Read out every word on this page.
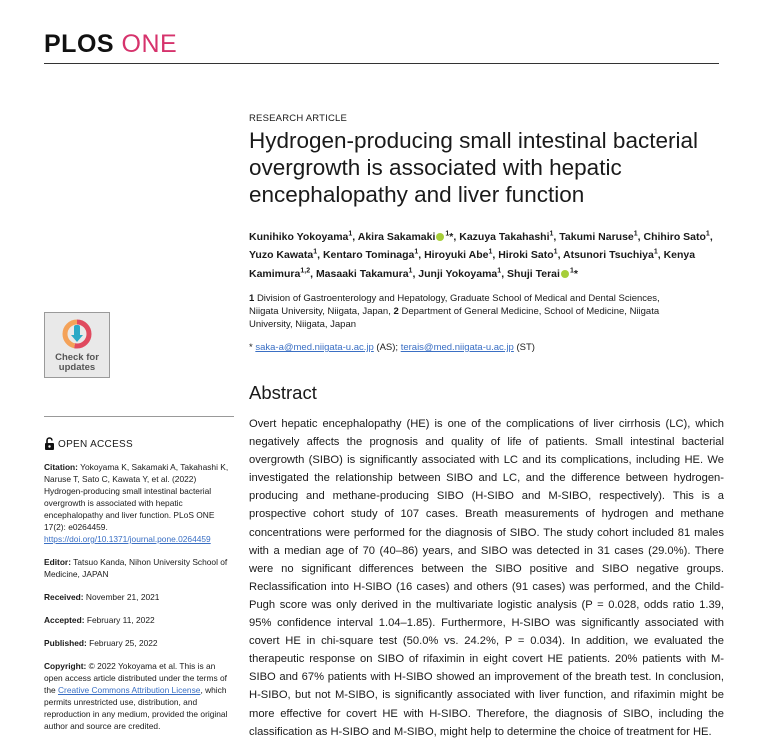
PLOS ONE
Check for
updates
RESEARCH ARTICLE
Hydrogen-producing small intestinal bacterial overgrowth is associated with hepatic encephalopathy and liver function
Kunihiko Yokoyama$^1$, Akira Sakamaki $^1$*, Kazuya Takahashi$^1$, Takumi Naruse$^1$, Chihiro Sato$^1$, Yuzo Kawata$^1$, Kentaro Tominaga$^1$, Hiroyuki Abe$^1$, Hiroki Sato$^1$, Atsunori Tsuchiya$^1$, Kenya Kamimura$^{1,2}$, Masaaki Takamura$^1$, Junji Yokoyama$^1$, Shuji Terai $^1$*
1 Division of Gastroenterology and Hepatology, Graduate School of Medical and Dental Sciences, Niigata University, Niigata, Japan, 2 Department of General Medicine, School of Medicine, Niigata University, Niigata, Japan
* saka-a@med.niigata-u.ac.jp (AS); terais@med.niigata-u.ac.jp (ST)
OPEN ACCESS

Citation: Yokoyama K, Sakamaki A, Takahashi K, Naruse T, Sato C, Kawata Y, et al. (2022) Hydrogen-producing small intestinal bacterial overgrowth is associated with hepatic encephalopathy and liver function. PLoS ONE 17(2): e0264459. https://doi.org/10.1371/journal.pone.0264459

Editor: Tatsuo Kanda, Nihon University School of Medicine, JAPAN

Received: November 21, 2021

Accepted: February 11, 2022

Published: February 25, 2022

Copyright: © 2022 Yokoyama et al. This is an open access article distributed under the terms of the Creative Commons Attribution License, which permits unrestricted use, distribution, and reproduction in any medium, provided the original author and source are credited.

Abstract

Overt hepatic encephalopathy (HE) is one of the complications of liver cirrhosis (LC), which negatively affects the prognosis and quality of life of patients. Small intestinal bacterial overgrowth (SIBO) is significantly associated with LC and its complications, including HE. We investigated the relationship between SIBO and LC, and the difference between hydrogen-producing and methane-producing SIBO (H-SIBO and M-SIBO, respectively). This is a prospective cohort study of 107 cases. Breath measurements of hydrogen and methane concentrations were performed for the diagnosis of SIBO. The study cohort included 81 males with a median age of 70 (40–86) years, and SIBO was detected in 31 cases (29.0%). There were no significant differences between the SIBO positive and SIBO negative groups. Reclassification into H-SIBO (16 cases) and others (91 cases) was performed, and the Child-Pugh score was only derived in the multivariate logistic analysis (P = 0.028, odds ratio 1.39, 95% confidence interval 1.04–1.85). Furthermore, H-SIBO was significantly associated with covert HE in chi-square test (50.0% vs. 24.2%, P = 0.034). In addition, we evaluated the therapeutic response on SIBO of rifaximin in eight covert HE patients. 20% patients with M-SIBO and 67% patients with H-SIBO showed an improvement of the breath test. In conclusion, H-SIBO, but not M-SIBO, is significantly associated with liver function, and rifaximin might be more effective for covert HE with H-SIBO. Therefore, the diagnosis of SIBO, including the classification as H-SIBO and M-SIBO, might help to determine the choice of treatment for HE.
